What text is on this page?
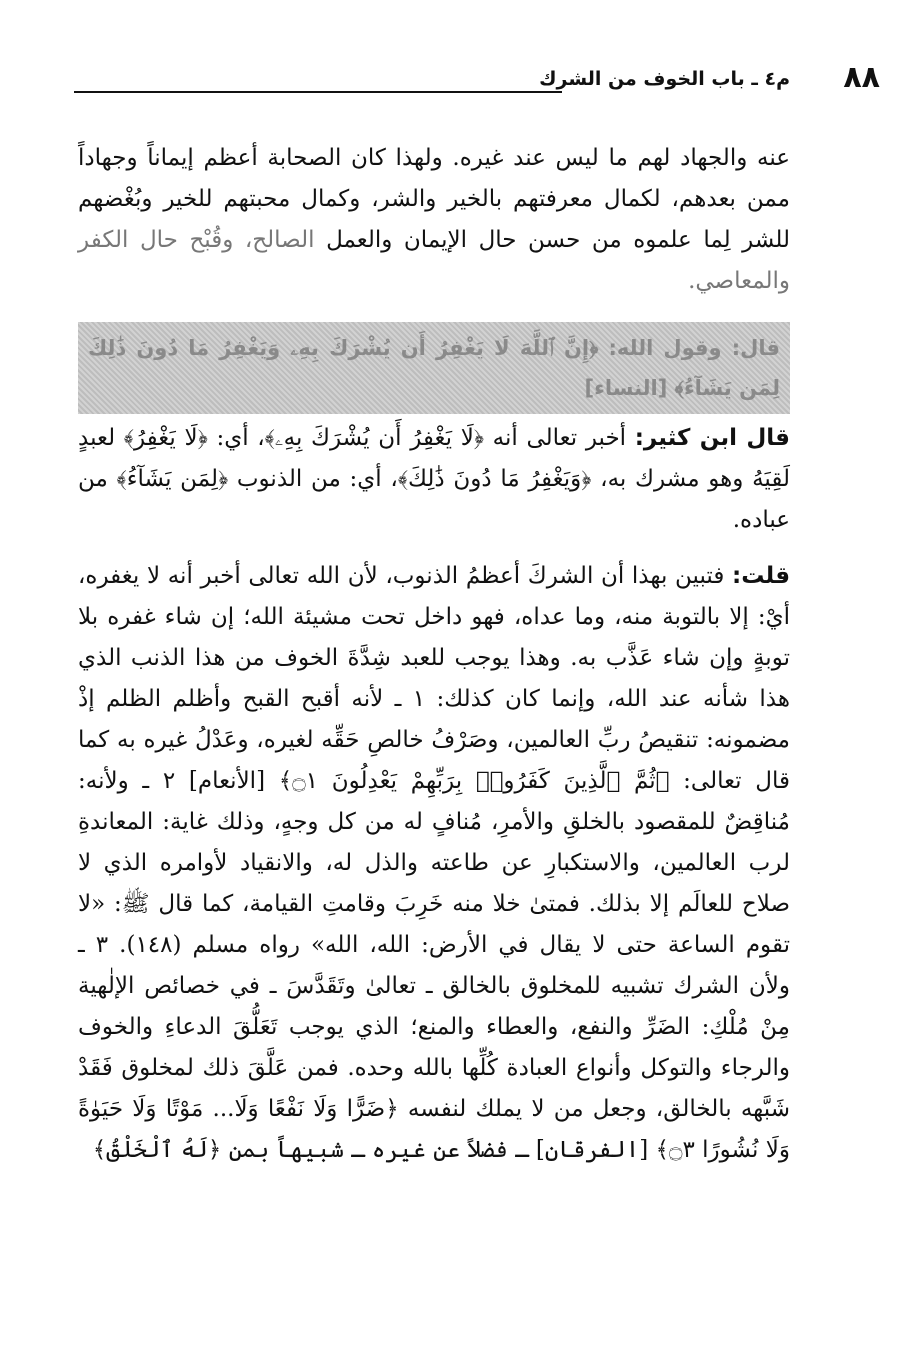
٨٨
م٤ ـ باب الخوف من الشرك
عنه والجهاد لهم ما ليس عند غيره. ولهذا كان الصحابة أعظم إيماناً وجهاداً ممن بعدهم، لكمال معرفتهم بالخير والشر، وكمال محبتهم للخير وبُغْضهم للشر لِما علموه من حسن حال الإيمان والعمل الصالح، وقُبْح حال الكفر والمعاصي.
قال: وقول الله: ﴿إِنَّ ٱللَّهَ لَا يَغْفِرُ أَن يُشْرَكَ بِهِۦ وَيَغْفِرُ مَا دُونَ ذَٰلِكَ لِمَن يَشَآءُ﴾ [النساء]
قال ابن كثير: أخبر تعالى أنه ﴿لَا يَغْفِرُ أَن يُشْرَكَ بِهِۦ﴾، أي: ﴿لَا يَغْفِرُ﴾ لعبدٍ لَقِيَهُ وهو مشرك به، ﴿وَيَغْفِرُ مَا دُونَ ذَٰلِكَ﴾، أي: من الذنوب ﴿لِمَن يَشَآءُ﴾ من عباده.
قلت: فتبين بهذا أن الشركَ أعظمُ الذنوب، لأن الله تعالى أخبر أنه لا يغفره، أيْ: إلا بالتوبة منه، وما عداه، فهو داخل تحت مشيئة الله؛ إن شاء غفره بلا توبةٍ وإن شاء عَذَّب به. وهذا يوجب للعبد شِدَّةَ الخوف من هذا الذنب الذي هذا شأنه عند الله، وإنما كان كذلك: ١ ـ لأنه أقبح القبح وأظلم الظلم إذْ مضمونه: تنقيصُ ربِّ العالمين، وصَرْفُ خالصِ حَقِّه لغيره، وعَدْلُ غيره به كما قال تعالى: ﴿ثُمَّ ٱلَّذِينَ كَفَرُوا۟ بِرَبِّهِمْ يَعْدِلُونَ ۝١﴾ [الأنعام] ٢ ـ ولأنه: مُناقِضٌ للمقصود بالخلقِ والأمرِ، مُنافٍ له من كل وجهٍ، وذلك غاية: المعاندةِ لرب العالمين، والاستكبارِ عن طاعته والذل له، والانقياد لأوامره الذي لا صلاح للعالَم إلا بذلك. فمتىٰ خلا منه خَرِبَ وقامتِ القيامة، كما قال ﷺ: «لا تقوم الساعة حتى لا يقال في الأرض: الله، الله» رواه مسلم (١٤٨). ٣ ـ ولأن الشرك تشبيه للمخلوق بالخالق ـ تعالىٰ وتَقَدَّسَ ـ في خصائص الإلٰهية مِنْ مُلْكِ: الضَرِّ والنفع، والعطاء والمنع؛ الذي يوجب تَعَلُّقَ الدعاءِ والخوف والرجاء والتوكل وأنواع العبادة كُلِّها بالله وحده. فمن عَلَّقَ ذلك لمخلوق فَقَدْ شَبَّهه بالخالق، وجعل من لا يملك لنفسه ﴿ضَرًّا وَلَا نَفْعًا وَلَا... مَوْتًا وَلَا حَيَوٰةً وَلَا نُشُورًا ۝٣﴾ [الفرقان] ـ فضلاً عن غيره ـ شبيهاً بمن ﴿لَهُ ٱلْخَلْقُ﴾
